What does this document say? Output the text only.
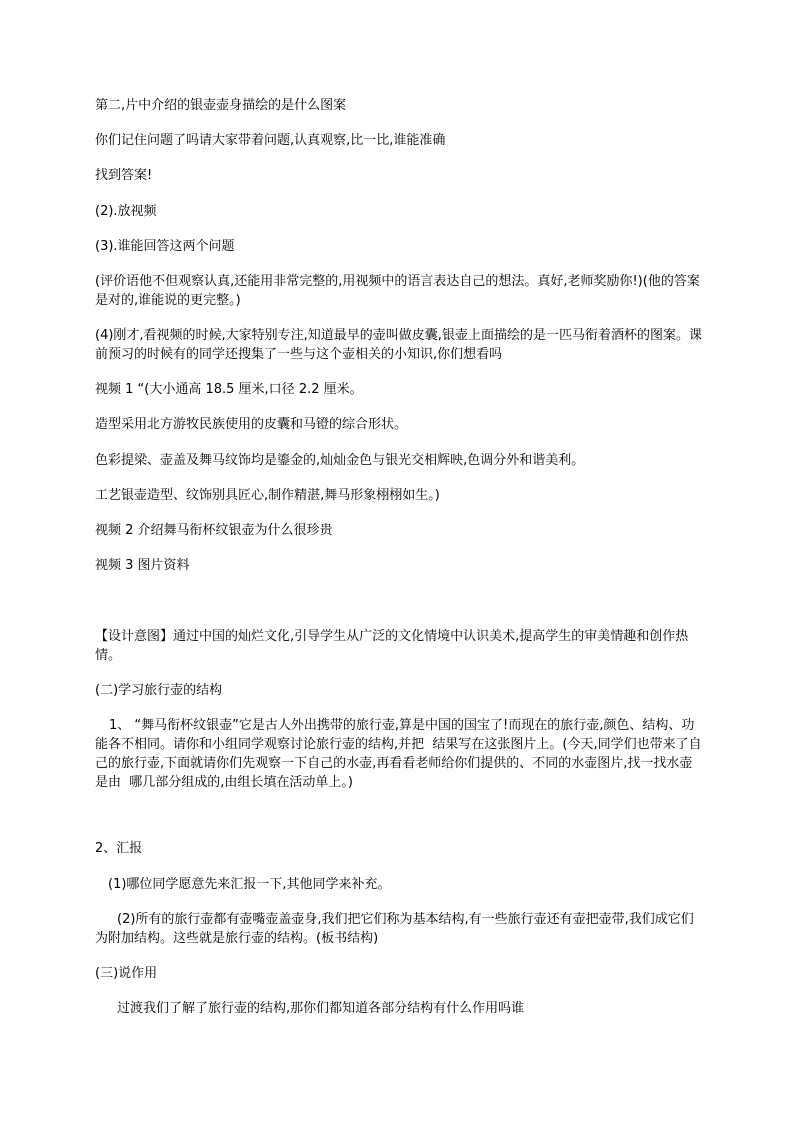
第二,片中介绍的银壶壶身描绘的是什么图案

你们记住问题了吗请大家带着问题,认真观察,比一比,谁能准确

找到答案!

(2).放视频

(3).谁能回答这两个问题

(评价语他不但观察认真,还能用非常完整的,用视频中的语言表达自己的想法。真好,老师奖励你!)(他的答案是对的,谁能说的更完整。)

(4)刚才,看视频的时候,大家特别专注,知道最早的壶叫做皮囊,银壶上面描绘的是一匹马衔着酒杯的图案。课前预习的时候有的同学还搜集了一些与这个壶相关的小知识,你们想看吗

视频 1 “(大小通高 18.5 厘米,口径 2.2 厘米。

造型采用北方游牧民族使用的皮囊和马镫的综合形状。

色彩提梁、壶盖及舞马纹饰均是鎏金的,灿灿金色与银光交相辉映,色调分外和谐美利。

工艺银壶造型、纹饰别具匠心,制作精湛,舞马形象栩栩如生。)

视频 2 介绍舞马衔杯纹银壶为什么很珍贵

视频 3 图片资料

【设计意图】通过中国的灿烂文化,引导学生从广泛的文化情境中认识美术,提高学生的审美情趣和创作热情。

(二)学习旅行壶的结构

1、 “舞马衔杯纹银壶”它是古人外出携带的旅行壶,算是中国的国宝了!而现在的旅行壶,颜色、结构、功能各不相同。请你和小组同学观察讨论旅行壶的结构,并把  结果写在这张图片上。(今天,同学们也带来了自己的旅行壶,下面就请你们先观察一下自己的水壶,再看看老师给你们提供的、不同的水壶图片,找一找水壶是由  哪几部分组成的,由组长填在活动单上。)

2、汇报

(1)哪位同学愿意先来汇报一下,其他同学来补充。

(2)所有的旅行壶都有壶嘴壶盖壶身,我们把它们称为基本结构,有一些旅行壶还有壶把壶带,我们成它们为附加结构。这些就是旅行壶的结构。(板书结构)

(三)说作用

过渡我们了解了旅行壶的结构,那你们都知道各部分结构有什么作用吗谁
